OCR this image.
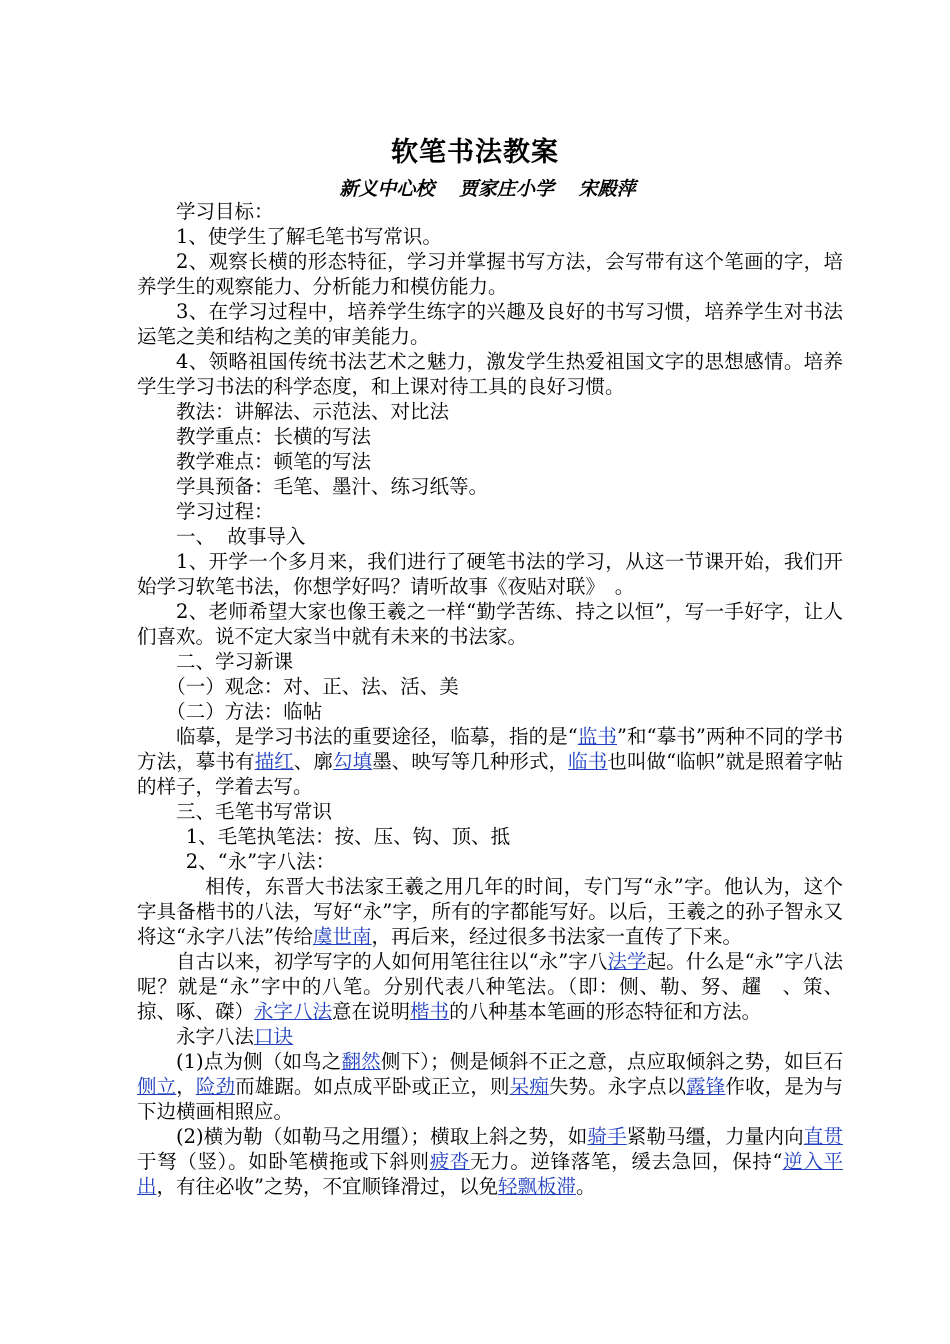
软笔书法教案
新义中心校 贾家庄小学 宋殿萍

学习目标：

1、使学生了解毛笔书写常识。

2、观察长横的形态特征，学习并掌握书写方法，会写带有这个笔画的字，培养学生的观察能力、分析能力和模仿能力。

3、在学习过程中，培养学生练字的兴趣及良好的书写习惯，培养学生对书法运笔之美和结构之美的审美能力。

4、领略祖国传统书法艺术之魅力，激发学生热爱祖国文字的思想感情。培养学生学习书法的科学态度，和上课对待工具的良好习惯。

教法：讲解法、示范法、对比法

教学重点：长横的写法

教学难点：顿笔的写法

学具预备：毛笔、墨汁、练习纸等。

学习过程：

一、  故事导入

1、开学一个多月来，我们进行了硬笔书法的学习，从这一节课开始，我们开始学习软笔书法，你想学好吗？请听故事《夜贴对联》　。

2、老师希望大家也像王羲之一样“勤学苦练、持之以恒”，写一手好字，让人们喜欢。说不定大家当中就有未来的书法家。

二、学习新课

（一）观念：对、正、法、活、美

（二）方法：临帖

临摹，是学习书法的重要途径，临摹，指的是“监书”和“摹书”两种不同的学书方法，摹书有描红、廓勾填墨、映写等几种形式，临书也叫做“临帜”就是照着字帖的样子，学着去写。

三、毛笔书写常识

1、毛笔执笔法：按、压、钩、顶、抵

2、“永”字八法：

相传，东晋大书法家王羲之用几年的时间，专门写“永”字。他认为，这个字具备楷书的八法，写好“永”字，所有的字都能写好。以后，王羲之的孙子智永又将这“永字八法”传给虞世南，再后来，经过很多书法家一直传了下来。

自古以来，初学写字的人如何用笔往往以“永”字八法学起。什么是“永”字八法呢？就是“永”字中的八笔。分别代表八种笔法。（即：侧、勒、努、趯　、策、掠、啄、磔）永字八法意在说明楷书的八种基本笔画的形态特征和方法。

永字八法口诀

(1)点为侧（如鸟之翻然侧下）；侧是倾斜不正之意，点应取倾斜之势，如巨石侧立，险劲而雄踞。如点成平卧或正立，则呆痴失势。永字点以露锋作收，是为与下边横画相照应。

(2)横为勒（如勒马之用缰）；横取上斜之势，如骑手紧勒马缰，力量内向直贯于弩（竖）。如卧笔横拖或下斜则疲沓无力。逆锋落笔，缓去急回，保持“逆入平出，有往必收”之势，不宜顺锋滑过，以免轻飘板滞。
